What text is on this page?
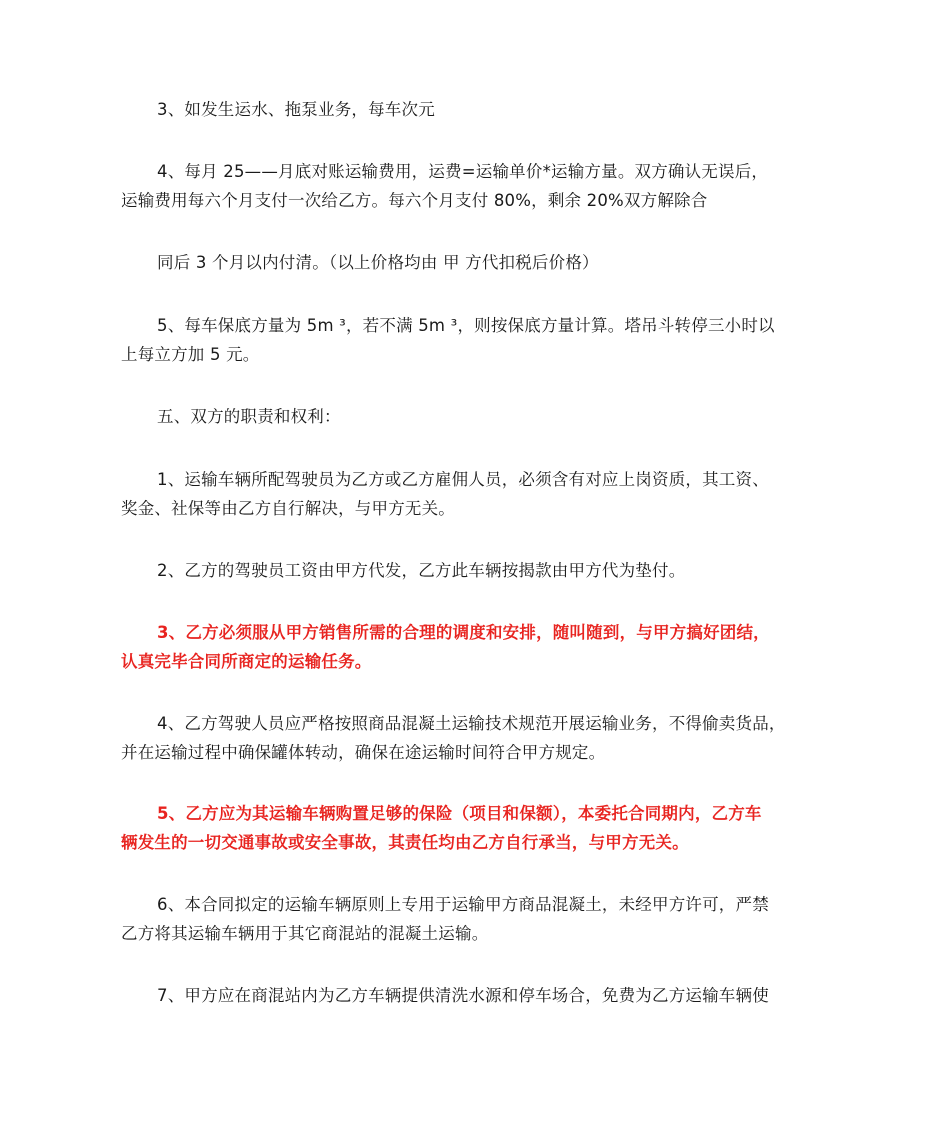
3、如发生运水、拖泵业务，每车次元

4、每月 25——月底对账运输费用，运费=运输单价*运输方量。双方确认无误后，
运输费用每六个月支付一次给乙方。每六个月支付 80%，剩余 20%双方解除合

同后 3 个月以内付清。（以上价格均由 甲 方代扣税后价格）

5、每车保底方量为 5m ³，若不满 5m ³，则按保底方量计算。塔吊斗转停三小时以
上每立方加 5 元。

五、双方的职责和权利：

1、运输车辆所配驾驶员为乙方或乙方雇佣人员，必须含有对应上岗资质，其工资、
奖金、社保等由乙方自行解决，与甲方无关。

2、乙方的驾驶员工资由甲方代发，乙方此车辆按揭款由甲方代为垫付。

3、乙方必须服从甲方销售所需的合理的调度和安排，随叫随到，与甲方搞好团结，
认真完毕合同所商定的运输任务。

4、乙方驾驶人员应严格按照商品混凝土运输技术规范开展运输业务，不得偷卖货品，
并在运输过程中确保罐体转动，确保在途运输时间符合甲方规定。

5、乙方应为其运输车辆购置足够的保险（项目和保额），本委托合同期内，乙方车
辆发生的一切交通事故或安全事故，其责任均由乙方自行承当，与甲方无关。

6、本合同拟定的运输车辆原则上专用于运输甲方商品混凝土，未经甲方许可，严禁
乙方将其运输车辆用于其它商混站的混凝土运输。

7、甲方应在商混站内为乙方车辆提供清洗水源和停车场合，免费为乙方运输车辆使
